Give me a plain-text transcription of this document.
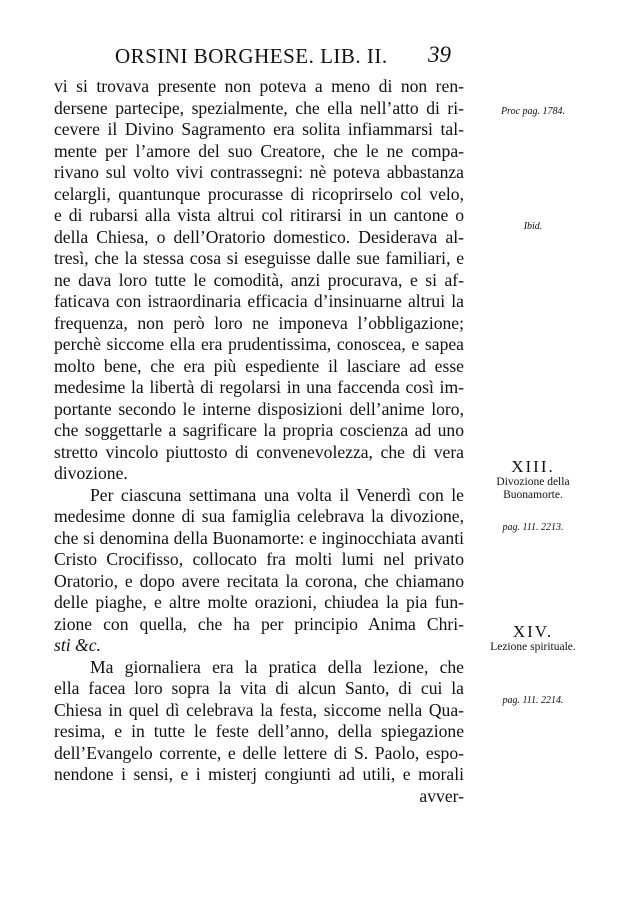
ORSINI BORGHESE. LIB. II. 39
vi si trovava presente non poteva a meno di non ren-
dersene partecipe, spezialmente, che ella nell’atto di ri-
cevere il Divino Sagramento era solita infiammarsi tal-
mente per l’amore del suo Creatore, che le ne compa-
rivano sul volto vivi contrassegni: nè poteva abbastanza
celargli, quantunque procurasse di ricoprirselo col velo,
e di rubarsi alla vista altrui col ritirarsi in un cantone o
della Chiesa, o dell’Oratorio domestico. Desiderava al-
tresì, che la stessa cosa si eseguisse dalle sue familiari, e
ne dava loro tutte le comodità, anzi procurava, e si af-
faticava con istraordinaria efficacia d’insinuarne altrui la
frequenza, non però loro ne imponeva l’obbligazione;
perchè siccome ella era prudentissima, conoscea, e sapea
molto bene, che era più espediente il lasciare ad esse
medesime la libertà di regolarsi in una faccenda così im-
portante secondo le interne disposizioni dell’anime loro,
che soggettarle a sagrificare la propria coscienza ad uno
stretto vincolo piuttosto di convenevolezza, che di vera
divozione.
Per ciascuna settimana una volta il Venerdì con le
medesime donne di sua famiglia celebrava la divozione,
che si denomina della Buonamorte: e inginocchiata avanti
Cristo Crocifisso, collocato fra molti lumi nel privato
Oratorio, e dopo avere recitata la corona, che chiamano
delle piaghe, e altre molte orazioni, chiudea la pia fun-
zione con quella, che ha per principio Anima Chri-
sti &c.
Ma giornaliera era la pratica della lezione, che
ella facea loro sopra la vita di alcun Santo, di cui la
Chiesa in quel dì celebrava la festa, siccome nella Qua-
resima, e in tutte le feste dell’anno, della spiegazione
dell’Evangelo corrente, e delle lettere di S. Paolo, espo-
nendone i sensi, e i misterj congiunti ad utili, e morali
avver-
Proc pag. 1784.
Ibid.
XIII.
Divozione della Buonamorte.
pag. 111. 2213.
XIV.
Lezione spirituale.
pag. 111. 2214.
